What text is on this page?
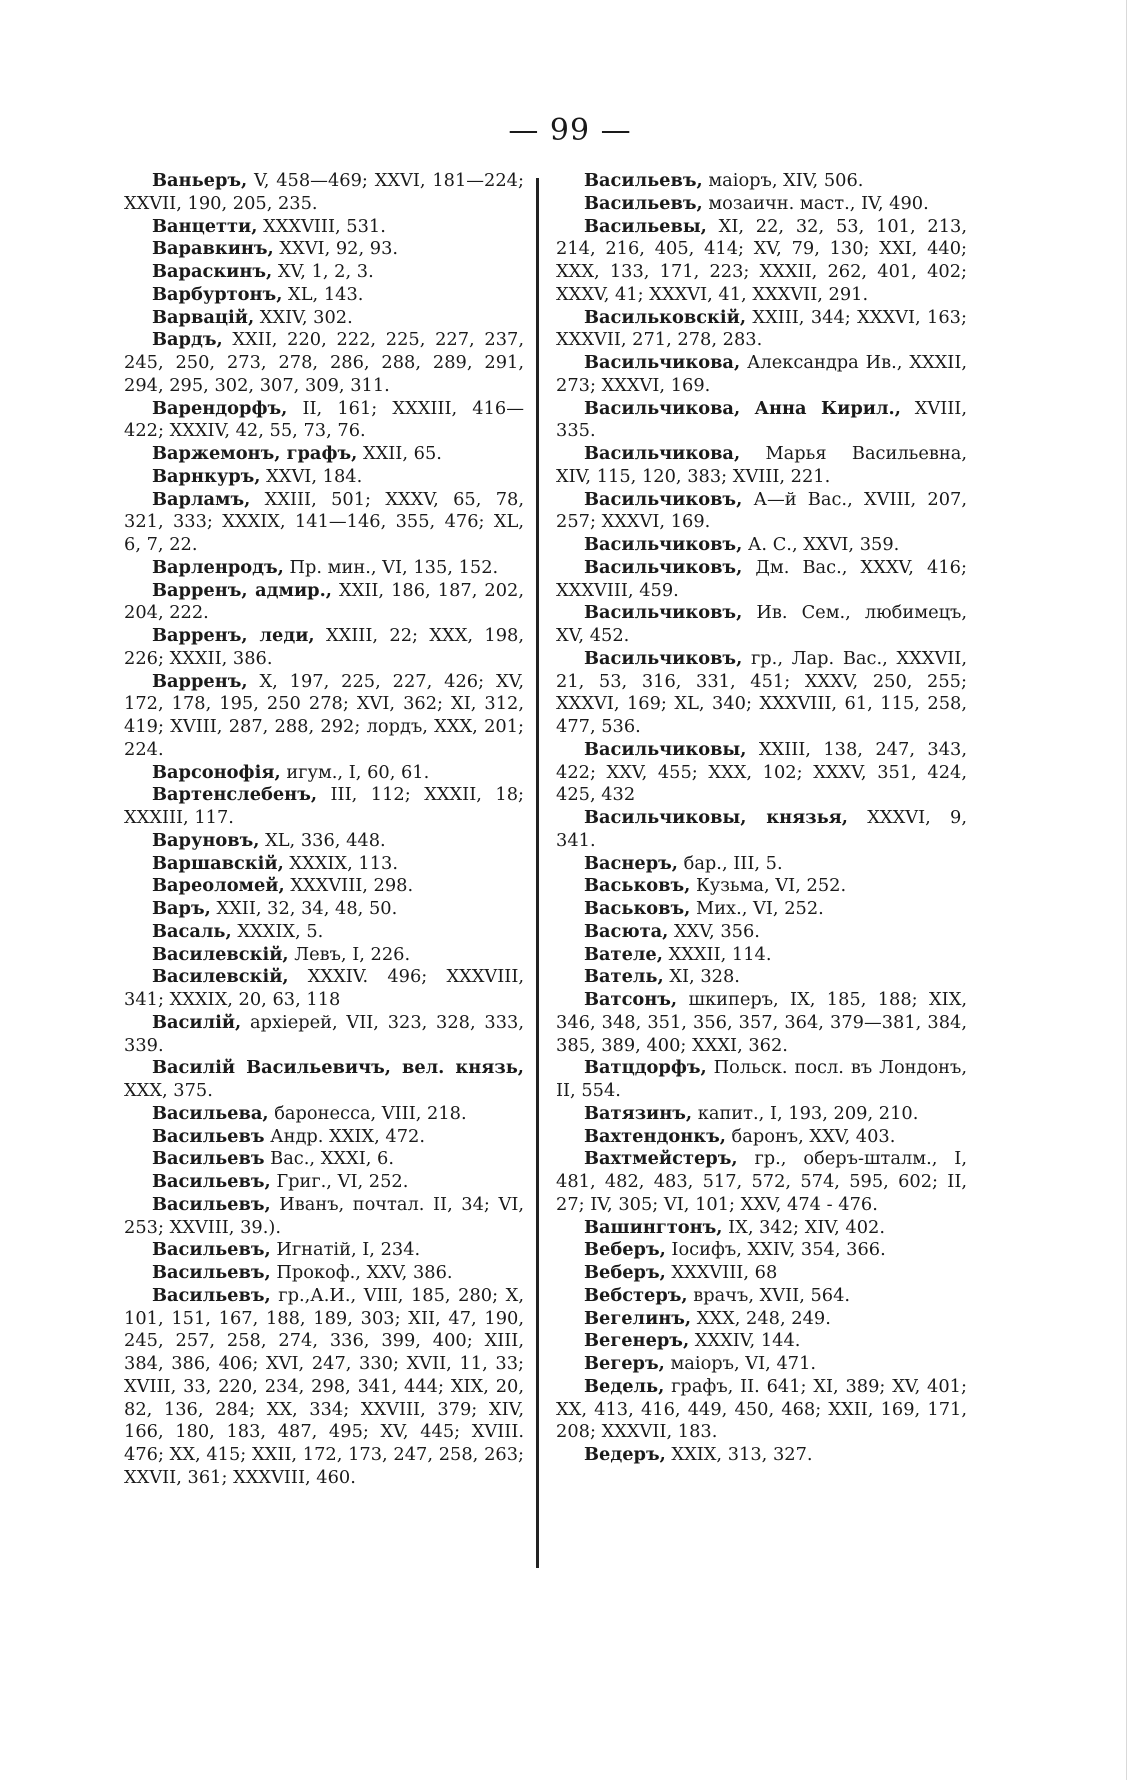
— 99 —

Ваньеръ, V, 458—469; XXVI, 181—224; XXVII, 190, 205, 235.

Ванцетти, XXXVIII, 531.

Варавкинъ, XXVI, 92, 93.

Вараскинъ, XV, 1, 2, 3.

Варбуртонъ, XL, 143.

Варвацій, XXIV, 302.

Вардъ, XXII, 220, 222, 225, 227, 237, 245, 250, 273, 278, 286, 288, 289, 291, 294, 295, 302, 307, 309, 311.

Варендорфъ, II, 161; XXXIII, 416—422; XXXIV, 42, 55, 73, 76.

Варжемонъ, графъ, XXII, 65.

Варнкуръ, XXVI, 184.

Варламъ, XXIII, 501; XXXV, 65, 78, 321, 333; XXXIX, 141—146, 355, 476; XL, 6, 7, 22.

Варленродъ, Пр. мин., VI, 135, 152.

Варренъ, адмир., XXII, 186, 187, 202, 204, 222.

Варренъ, леди, XXIII, 22; XXX, 198, 226; XXXII, 386.

Варренъ, X, 197, 225, 227, 426; XV, 172, 178, 195, 250 278; XVI, 362; XI, 312, 419; XVIII, 287, 288, 292; лордъ, XXX, 201; 224.

Варсонофія, игум., I, 60, 61.

Вартенслебенъ, III, 112; XXXII, 18; XXXIII, 117.

Варуновъ, XL, 336, 448.

Варшавскій, XXXIX, 113.

Вареоломей, XXXVIII, 298.

Варъ, XXII, 32, 34, 48, 50.

Васаль, XXXIX, 5.

Василевскій, Левъ, I, 226.

Василевскій, XXXIV. 496; XXXVIII, 341; XXXIX, 20, 63, 118

Василій, архіерей, VII, 323, 328, 333, 339.

Василій Васильевичъ, вел. князь, XXX, 375.

Васильева, баронесса, VIII, 218.

Васильевъ Андр. XXIX, 472.

Васильевъ Вас., XXXI, 6.

Васильевъ, Григ., VI, 252.

Васильевъ, Иванъ, почтал. II, 34; VI, 253; XXVIII, 39.).

Васильевъ, Игнатій, I, 234.

Васильевъ, Прокоф., XXV, 386.

Васильевъ, гр.,А.И., VIII, 185, 280; X, 101, 151, 167, 188, 189, 303; XII, 47, 190, 245, 257, 258, 274, 336, 399, 400; XIII, 384, 386, 406; XVI, 247, 330; XVII, 11, 33; XVIII, 33, 220, 234, 298, 341, 444; XIX, 20, 82, 136, 284; XX, 334; XXVIII, 379; XIV, 166, 180, 183, 487, 495; XV, 445; XVIII. 476; XX, 415; XXII, 172, 173, 247, 258, 263; XXVII, 361; XXXVIII, 460.

Васильевъ, маіоръ, XIV, 506.

Васильевъ, мозаичн. маст., IV, 490.

Васильевы, XI, 22, 32, 53, 101, 213, 214, 216, 405, 414; XV, 79, 130; XXI, 440; XXX, 133, 171, 223; XXXII, 262, 401, 402; XXXV, 41; XXXVI, 41, XXXVII, 291.

Васильковскій, XXIII, 344; XXXVI, 163; XXXVII, 271, 278, 283.

Васильчикова, Александра Ив., XXXII, 273; XXXVI, 169.

Васильчикова, Анна Кирил., XVIII, 335.

Васильчикова, Марья Васильевна, XIV, 115, 120, 383; XVIII, 221.

Васильчиковъ, А—й Вас., XVIII, 207, 257; XXXVI, 169.

Васильчиковъ, А. С., XXVI, 359.

Васильчиковъ, Дм. Вас., XXXV, 416; XXXVIII, 459.

Васильчиковъ, Ив. Сем., любимецъ, XV, 452.

Васильчиковъ, гр., Лар. Вас., XXXVII, 21, 53, 316, 331, 451; XXXV, 250, 255; XXXVI, 169; XL, 340; XXXVIII, 61, 115, 258, 477, 536.

Васильчиковы, XXIII, 138, 247, 343, 422; XXV, 455; XXX, 102; XXXV, 351, 424, 425, 432

Васильчиковы, князья, XXXVI, 9, 341.

Васнеръ, бар., III, 5.

Васьковъ, Кузьма, VI, 252.

Васьковъ, Мих., VI, 252.

Васюта, XXV, 356.

Вателе, XXXII, 114.

Ватель, XI, 328.

Ватсонъ, шкиперъ, IX, 185, 188; XIX, 346, 348, 351, 356, 357, 364, 379—381, 384, 385, 389, 400; XXXI, 362.

Ватцдорфъ, Польск. посл. въ Лондонъ, II, 554.

Ватязинъ, капит., I, 193, 209, 210.

Вахтендонкъ, баронъ, XXV, 403.

Вахтмейстеръ, гр., оберъ-шталм., I, 481, 482, 483, 517, 572, 574, 595, 602; II, 27; IV, 305; VI, 101; XXV, 474 - 476.

Вашингтонъ, IX, 342; XIV, 402.

Веберъ, Іосифъ, XXIV, 354, 366.

Веберъ, XXXVIII, 68

Вебстеръ, врачъ, XVII, 564.

Вегелинъ, XXX, 248, 249.

Вегенеръ, XXXIV, 144.

Вегеръ, маіоръ, VI, 471.

Ведель, графъ, II. 641; XI, 389; XV, 401; XX, 413, 416, 449, 450, 468; XXII, 169, 171, 208; XXXVII, 183.

Ведеръ, XXIX, 313, 327.
